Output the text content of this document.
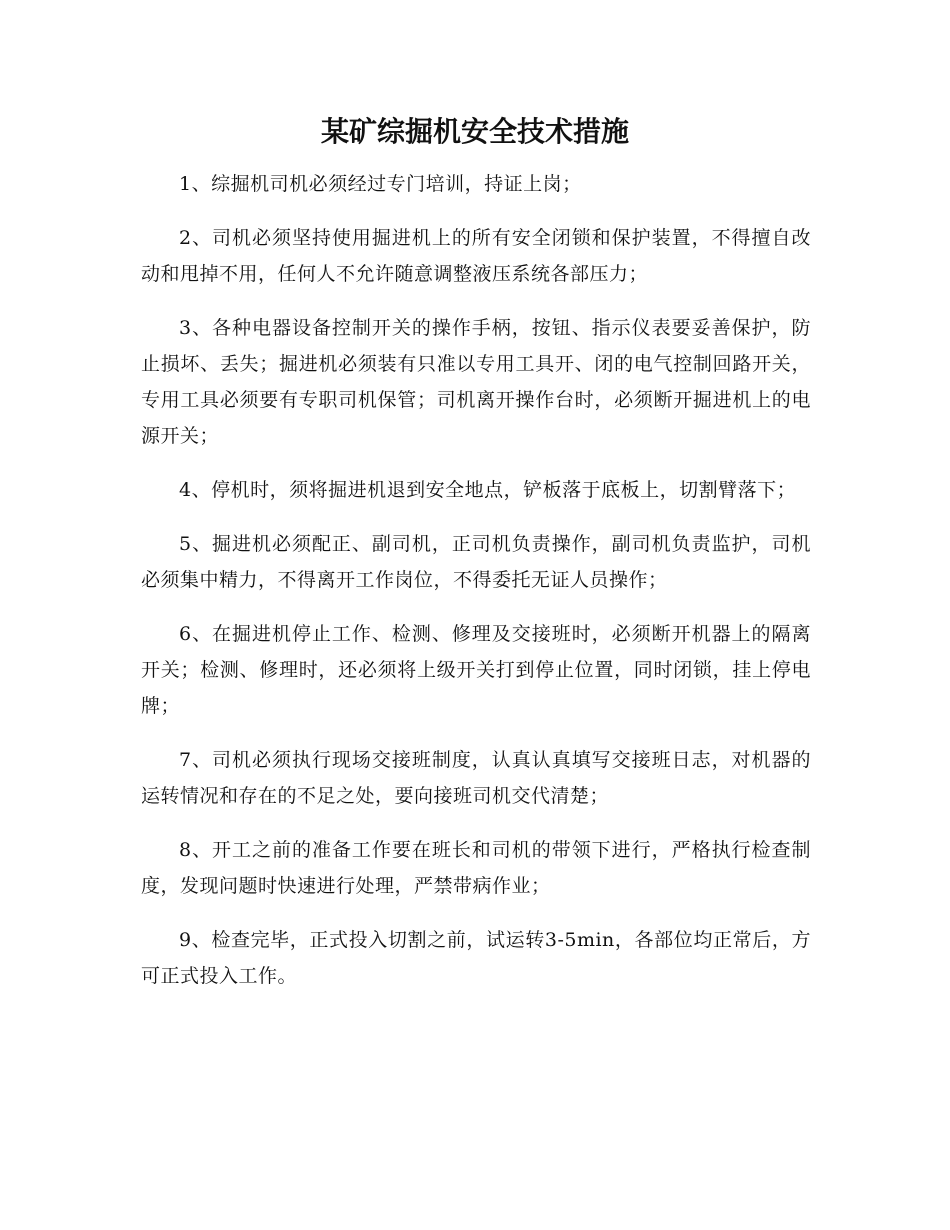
某矿综掘机安全技术措施

1、综掘机司机必须经过专门培训，持证上岗；

2、司机必须坚持使用掘进机上的所有安全闭锁和保护装置，不得擅自改动和甩掉不用，任何人不允许随意调整液压系统各部压力；

3、各种电器设备控制开关的操作手柄，按钮、指示仪表要妥善保护，防止损坏、丢失；掘进机必须装有只准以专用工具开、闭的电气控制回路开关，专用工具必须要有专职司机保管；司机离开操作台时，必须断开掘进机上的电源开关；

4、停机时，须将掘进机退到安全地点，铲板落于底板上，切割臂落下；

5、掘进机必须配正、副司机，正司机负责操作，副司机负责监护，司机必须集中精力，不得离开工作岗位，不得委托无证人员操作；

6、在掘进机停止工作、检测、修理及交接班时，必须断开机器上的隔离开关；检测、修理时，还必须将上级开关打到停止位置，同时闭锁，挂上停电牌；

7、司机必须执行现场交接班制度，认真认真填写交接班日志，对机器的运转情况和存在的不足之处，要向接班司机交代清楚；

8、开工之前的准备工作要在班长和司机的带领下进行，严格执行检查制度，发现问题时快速进行处理，严禁带病作业；

9、检查完毕，正式投入切割之前，试运转3-5min，各部位均正常后，方可正式投入工作。
